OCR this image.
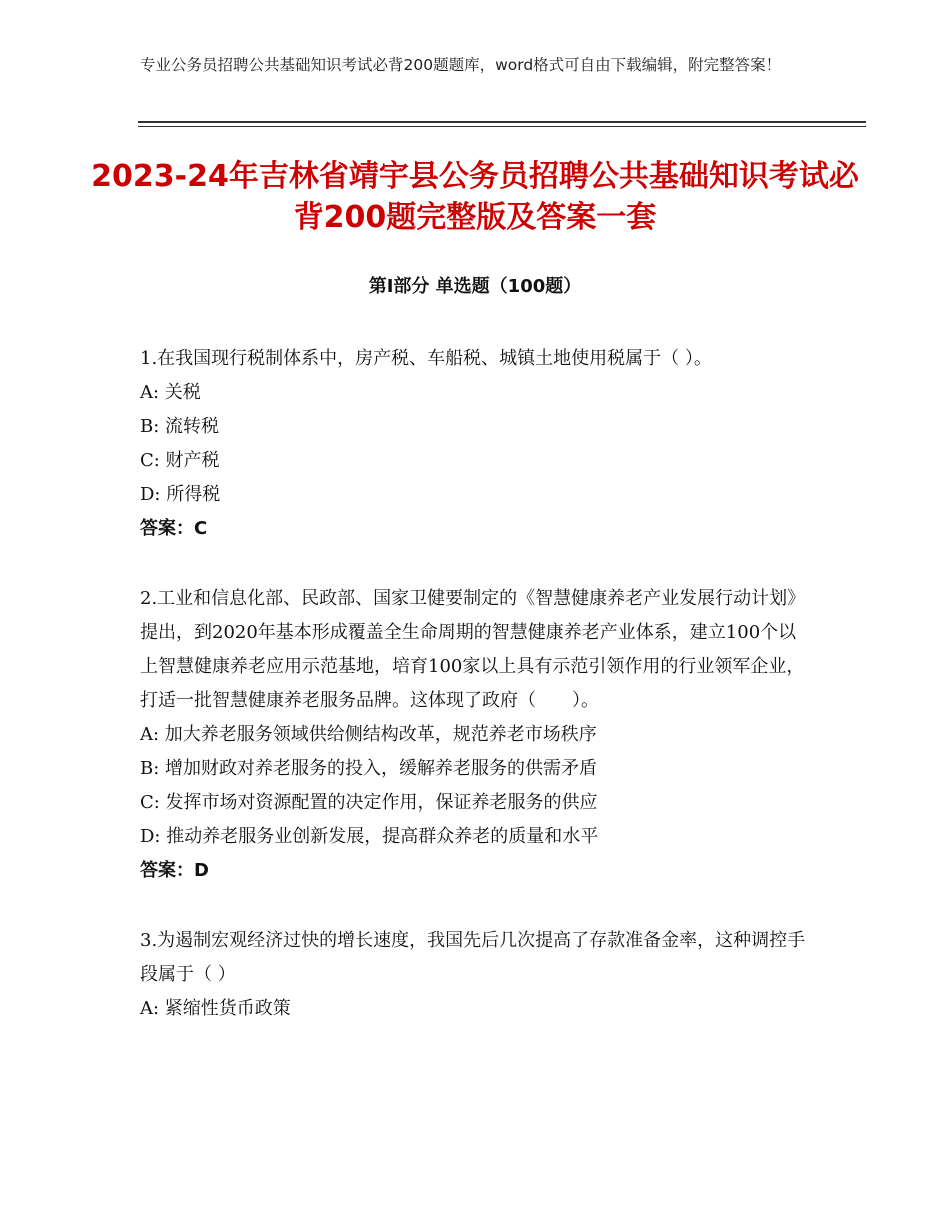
专业公务员招聘公共基础知识考试必背200题题库，word格式可自由下载编辑，附完整答案！
2023-24年吉林省靖宇县公务员招聘公共基础知识考试必背200题完整版及答案一套
第Ⅰ部分 单选题（100题）
1.在我国现行税制体系中，房产税、车船税、城镇土地使用税属于（ ）。
A: 关税
B: 流转税
C: 财产税
D: 所得税
答案：C
2.工业和信息化部、民政部、国家卫健要制定的《智慧健康养老产业发展行动计划》提出，到2020年基本形成覆盖全生命周期的智慧健康养老产业体系，建立100个以上智慧健康养老应用示范基地，培育100家以上具有示范引领作用的行业领军企业，打适一批智慧健康养老服务品牌。这体现了政府（　　）。
A: 加大养老服务领域供给侧结构改革，规范养老市场秩序
B: 增加财政对养老服务的投入，缓解养老服务的供需矛盾
C: 发挥市场对资源配置的决定作用，保证养老服务的供应
D: 推动养老服务业创新发展，提高群众养老的质量和水平
答案：D
3.为遏制宏观经济过快的增长速度，我国先后几次提高了存款准备金率，这种调控手段属于（ ）
A: 紧缩性货币政策
